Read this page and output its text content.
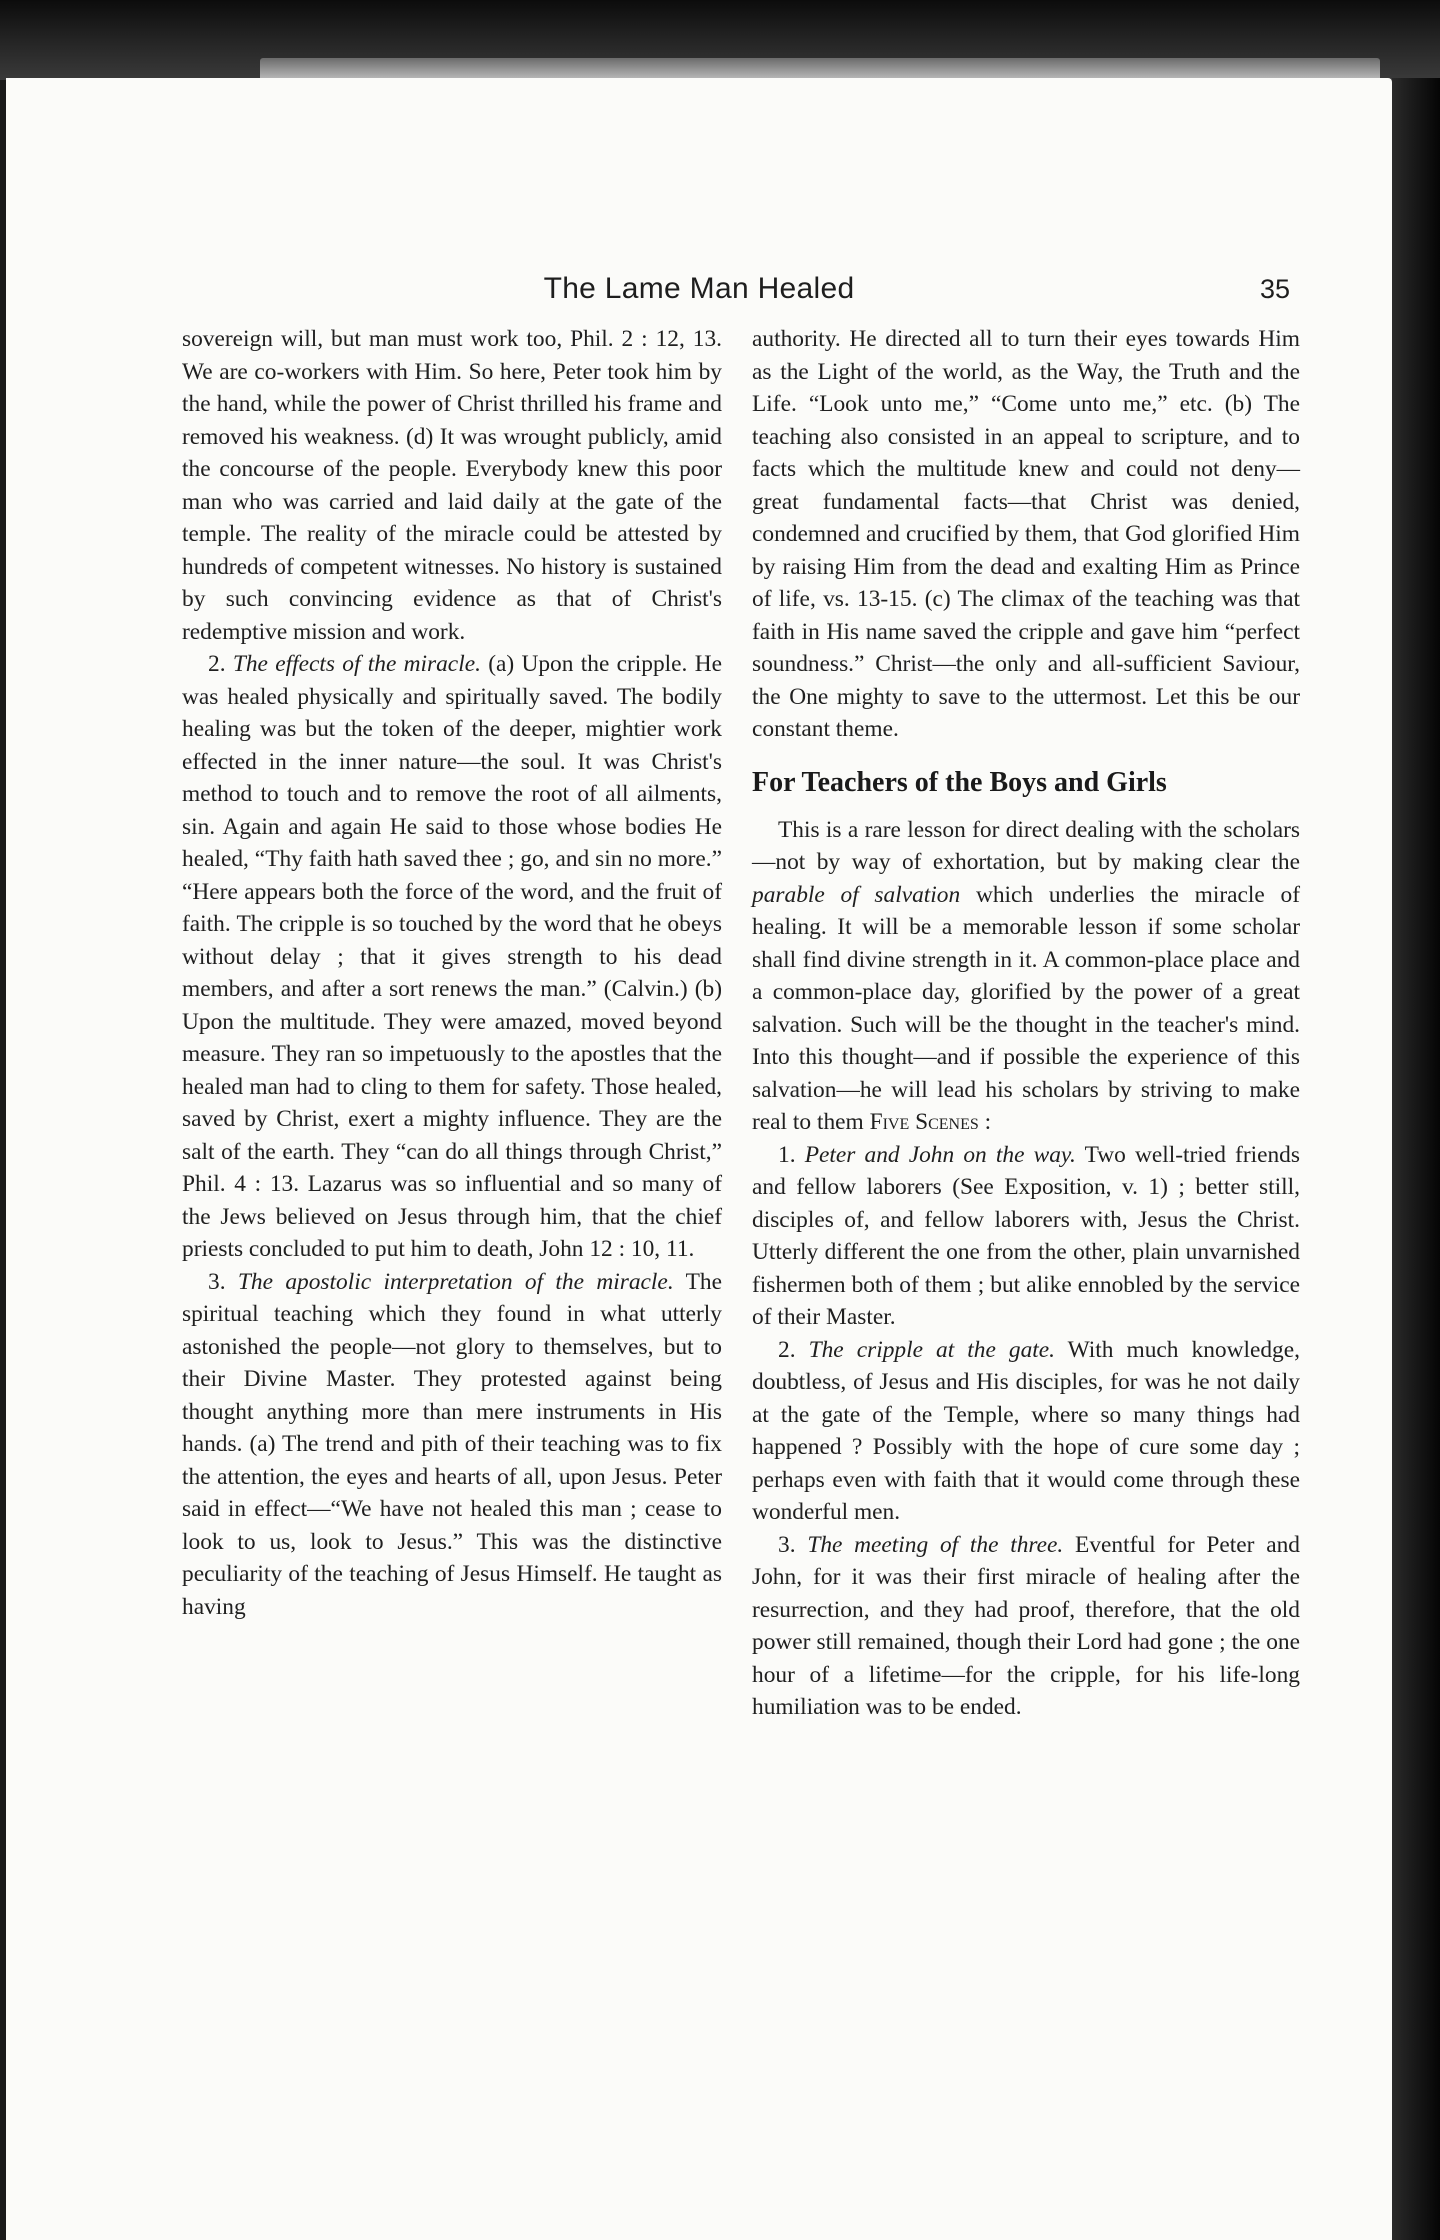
The Lame Man Healed	35

sovereign will, but man must work too, Phil. 2 : 12, 13. We are co-workers with Him. So here, Peter took him by the hand, while the power of Christ thrilled his frame and removed his weakness. (d) It was wrought publicly, amid the concourse of the people. Everybody knew this poor man who was carried and laid daily at the gate of the temple. The reality of the miracle could be attested by hundreds of competent witnesses. No history is sustained by such convincing evidence as that of Christ's redemptive mission and work.

2. The effects of the miracle. (a) Upon the cripple. He was healed physically and spiritually saved. The bodily healing was but the token of the deeper, mightier work effected in the inner nature—the soul. It was Christ's method to touch and to remove the root of all ailments, sin. Again and again He said to those whose bodies He healed, “Thy faith hath saved thee ; go, and sin no more.” “Here appears both the force of the word, and the fruit of faith. The cripple is so touched by the word that he obeys without delay ; that it gives strength to his dead members, and after a sort renews the man.” (Calvin.) (b) Upon the multitude. They were amazed, moved beyond measure. They ran so impetuously to the apostles that the healed man had to cling to them for safety. Those healed, saved by Christ, exert a mighty influence. They are the salt of the earth. They “can do all things through Christ,” Phil. 4 : 13. Lazarus was so influential and so many of the Jews believed on Jesus through him, that the chief priests concluded to put him to death, John 12 : 10, 11.

3. The apostolic interpretation of the miracle. The spiritual teaching which they found in what utterly astonished the people—not glory to themselves, but to their Divine Master. They protested against being thought anything more than mere instruments in His hands. (a) The trend and pith of their teaching was to fix the attention, the eyes and hearts of all, upon Jesus. Peter said in effect—“We have not healed this man ; cease to look to us, look to Jesus.” This was the distinctive peculiarity of the teaching of Jesus Himself. He taught as having

authority. He directed all to turn their eyes towards Him as the Light of the world, as the Way, the Truth and the Life. “Look unto me,” “Come unto me,” etc. (b) The teaching also consisted in an appeal to scripture, and to facts which the multitude knew and could not deny—great fundamental facts—that Christ was denied, condemned and crucified by them, that God glorified Him by raising Him from the dead and exalting Him as Prince of life, vs. 13-15. (c) The climax of the teaching was that faith in His name saved the cripple and gave him “perfect soundness.” Christ—the only and all-sufficient Saviour, the One mighty to save to the uttermost. Let this be our constant theme.

For Teachers of the Boys and Girls

This is a rare lesson for direct dealing with the scholars—not by way of exhortation, but by making clear the parable of salvation which underlies the miracle of healing. It will be a memorable lesson if some scholar shall find divine strength in it. A common-place place and a common-place day, glorified by the power of a great salvation. Such will be the thought in the teacher's mind. Into this thought—and if possible the experience of this salvation—he will lead his scholars by striving to make real to them Five Scenes :

1. Peter and John on the way. Two well-tried friends and fellow laborers (See Exposition, v. 1) ; better still, disciples of, and fellow laborers with, Jesus the Christ. Utterly different the one from the other, plain unvarnished fishermen both of them ; but alike ennobled by the service of their Master.

2. The cripple at the gate. With much knowledge, doubtless, of Jesus and His disciples, for was he not daily at the gate of the Temple, where so many things had happened ? Possibly with the hope of cure some day ; perhaps even with faith that it would come through these wonderful men.

3. The meeting of the three. Eventful for Peter and John, for it was their first miracle of healing after the resurrection, and they had proof, therefore, that the old power still remained, though their Lord had gone ; the one hour of a lifetime—for the cripple, for his life-long humiliation was to be ended.
